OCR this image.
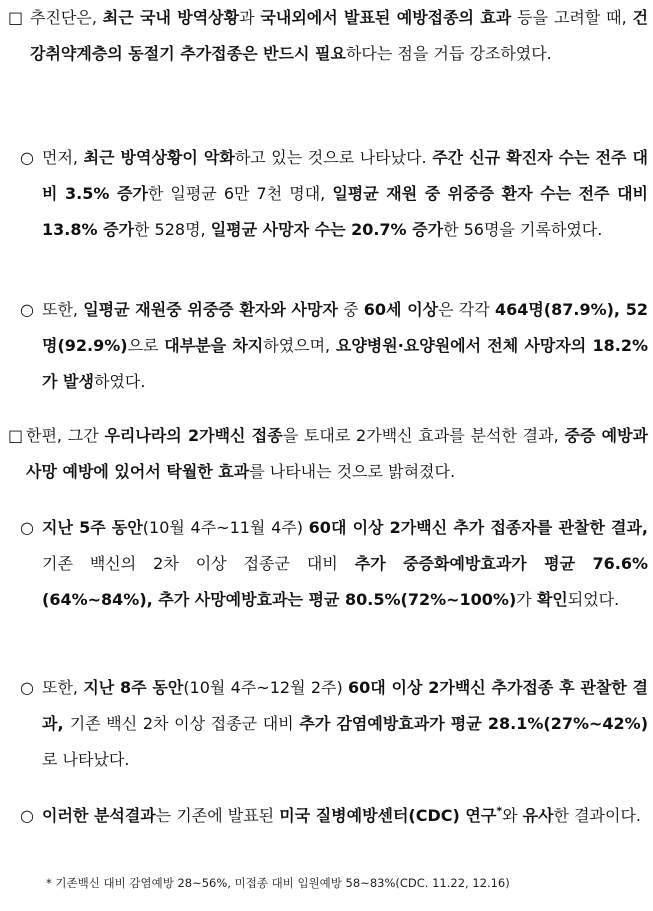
□ 추진단은, 최근 국내 방역상황과 국내외에서 발표된 예방접종의 효과 등을 고려할 때, 건강취약계층의 동절기 추가접종은 반드시 필요하다는 점을 거듭 강조하였다.
○ 먼저, 최근 방역상황이 악화하고 있는 것으로 나타났다. 주간 신규 확진자 수는 전주 대비 3.5% 증가한 일평균 6만 7천 명대, 일평균 재원 중 위중증 환자 수는 전주 대비 13.8% 증가한 528명, 일평균 사망자 수는 20.7% 증가한 56명을 기록하였다.
○ 또한, 일평균 재원중 위중증 환자와 사망자 중 60세 이상은 각각 464명(87.9%), 52명(92.9%)으로 대부분을 차지하였으며, 요양병원·요양원에서 전체 사망자의 18.2%가 발생하였다.
□ 한편, 그간 우리나라의 2가백신 접종을 토대로 2가백신 효과를 분석한 결과, 중증 예방과 사망 예방에 있어서 탁월한 효과를 나타내는 것으로 밝혀졌다.
○ 지난 5주 동안(10월 4주~11월 4주) 60대 이상 2가백신 추가 접종자를 관찰한 결과, 기존 백신의 2차 이상 접종군 대비 추가 중증화예방효과가 평균 76.6%(64%~84%), 추가 사망예방효과는 평균 80.5%(72%~100%)가 확인되었다.
○ 또한, 지난 8주 동안(10월 4주~12월 2주) 60대 이상 2가백신 추가접종 후 관찰한 결과, 기존 백신 2차 이상 접종군 대비 추가 감염예방효과가 평균 28.1%(27%~42%)로 나타났다.
○ 이러한 분석결과는 기존에 발표된 미국 질병예방센터(CDC) 연구*와 유사한 결과이다.
* 기존백신 대비 감염예방 28~56%, 미접종 대비 입원예방 58~83%(CDC. 11.22, 12.16)
